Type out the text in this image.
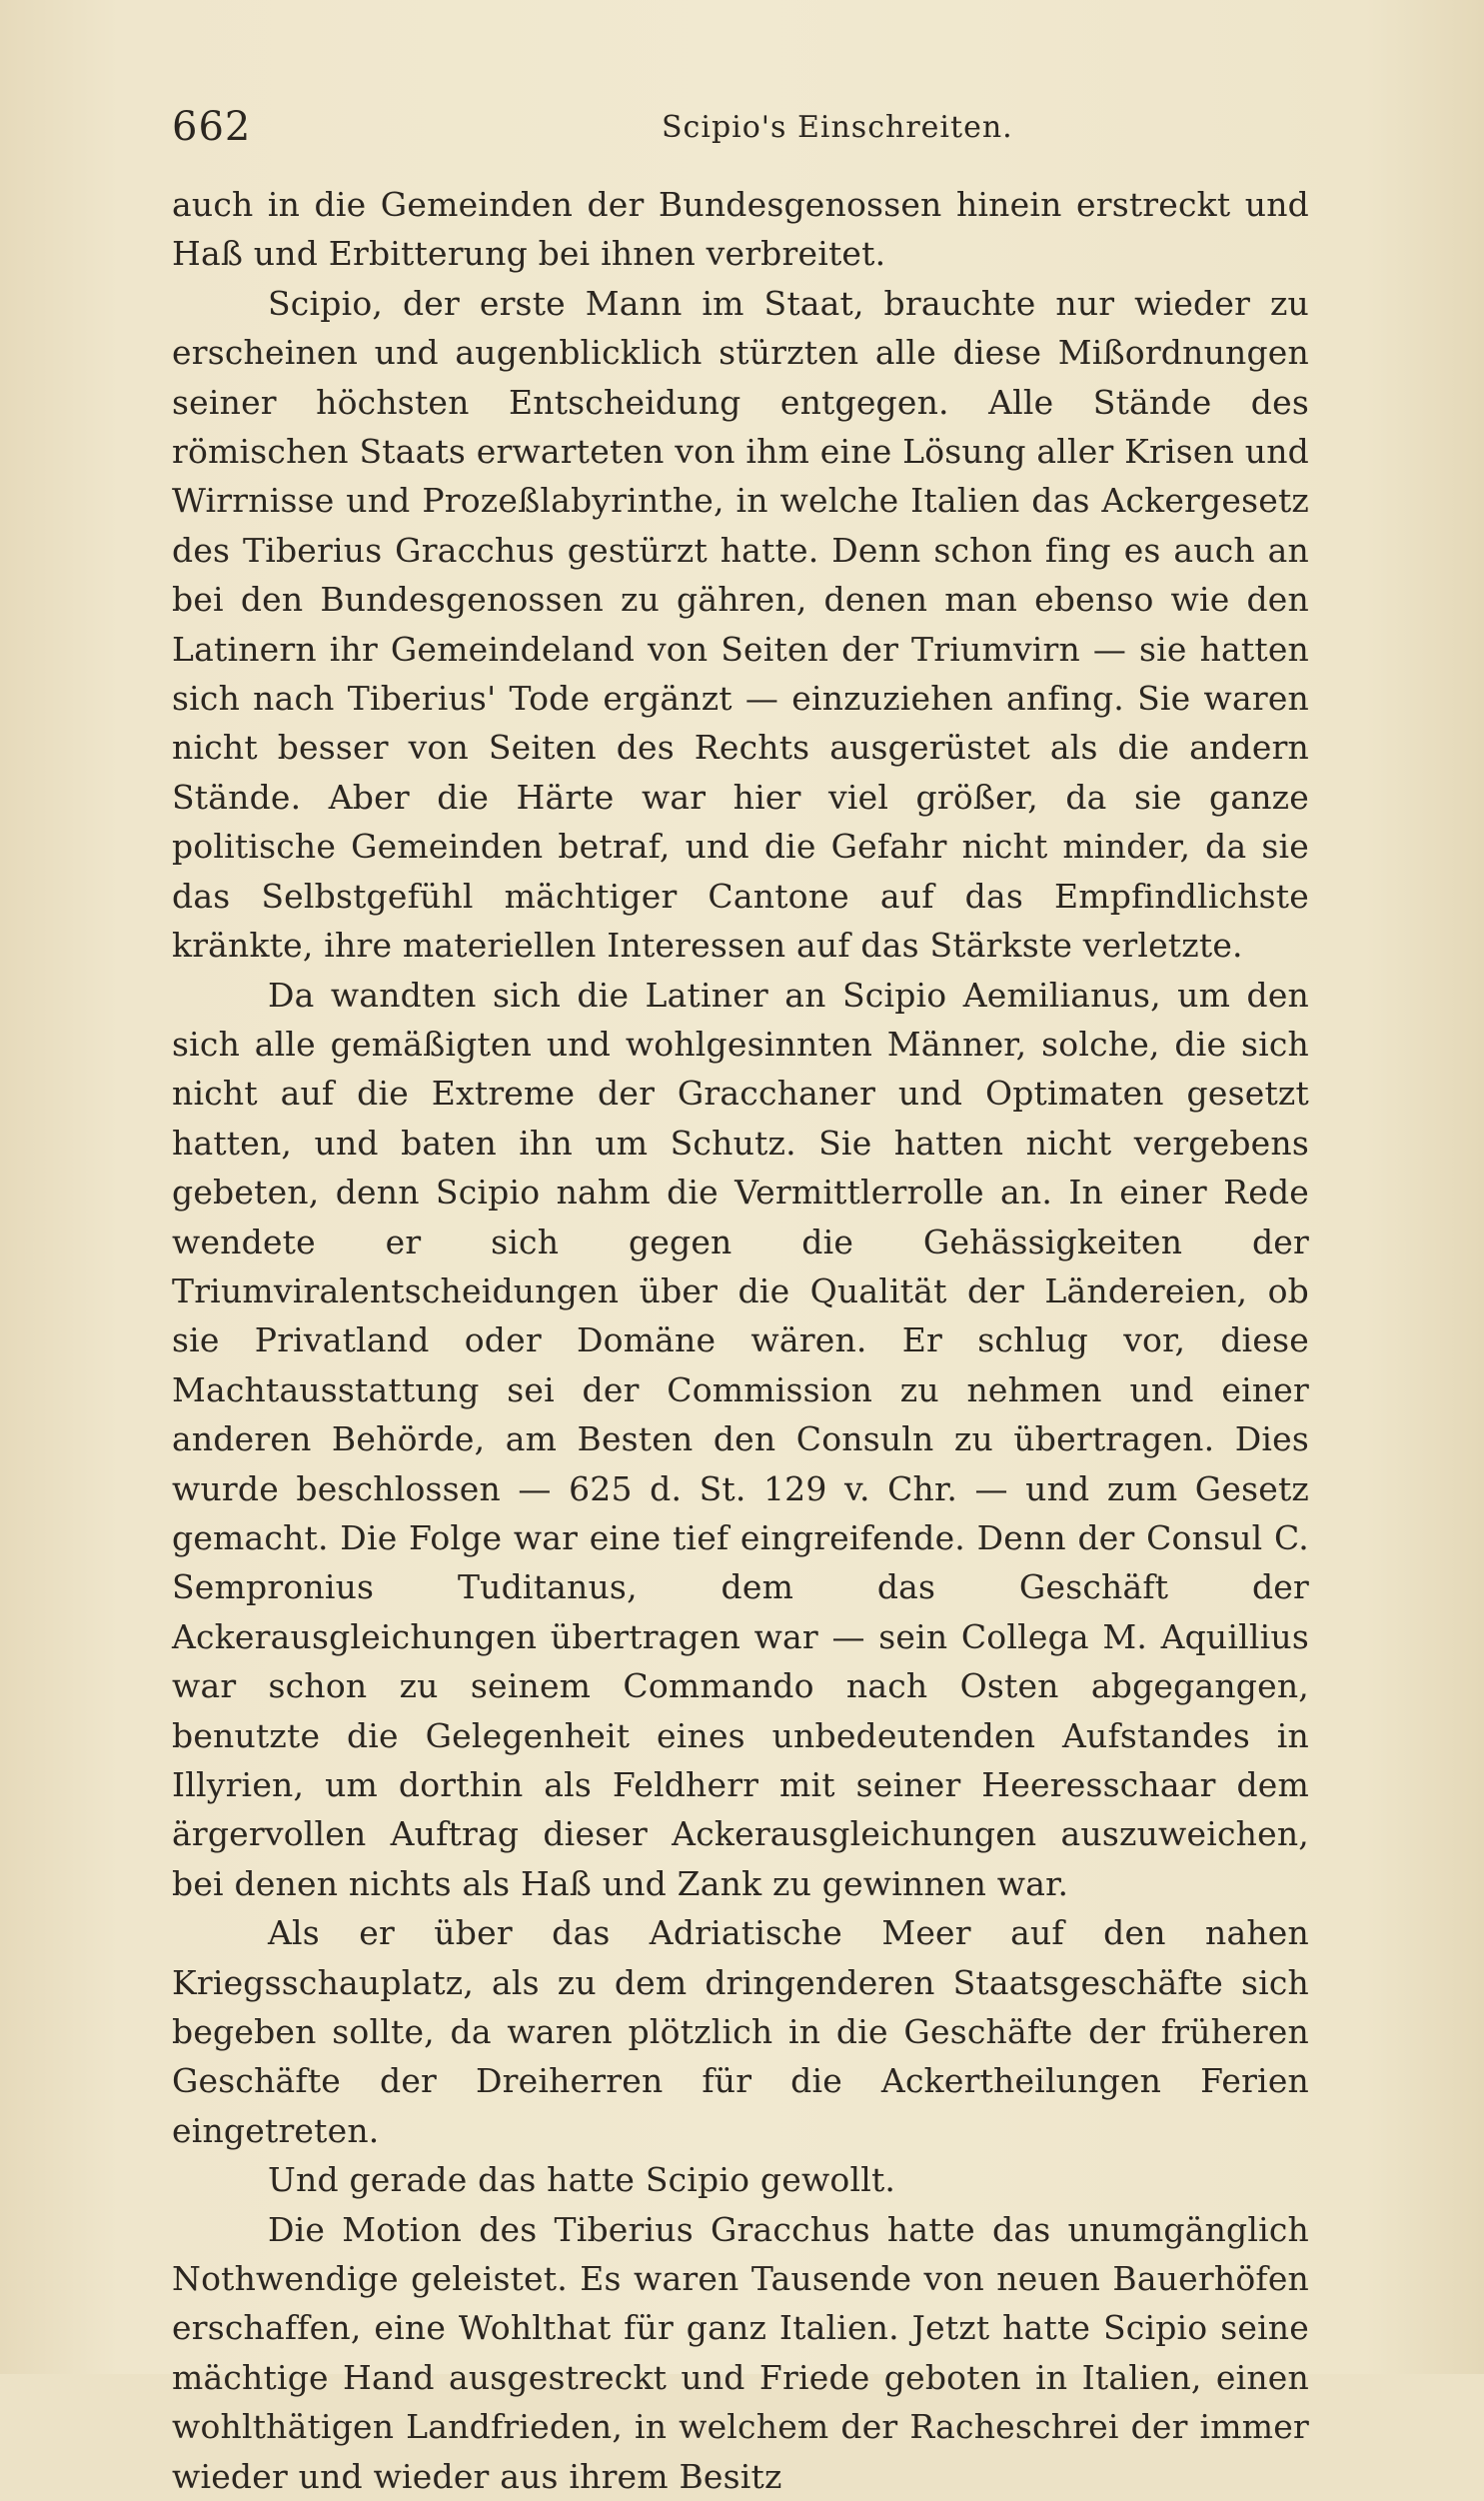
662	Scipio's Einschreiten.

auch in die Gemeinden der Bundesgenossen hinein erstreckt und Haß und Erbitterung bei ihnen verbreitet.

Scipio, der erste Mann im Staat, brauchte nur wieder zu erscheinen und augenblicklich stürzten alle diese Mißordnungen seiner höchsten Entscheidung entgegen. Alle Stände des römischen Staats erwarteten von ihm eine Lösung aller Krisen und Wirrnisse und Prozeßlabyrinthe, in welche Italien das Ackergesetz des Tiberius Gracchus gestürzt hatte. Denn schon fing es auch an bei den Bundesgenossen zu gähren, denen man ebenso wie den Latinern ihr Gemeindeland von Seiten der Triumvirn — sie hatten sich nach Tiberius' Tode ergänzt — einzuziehen anfing. Sie waren nicht besser von Seiten des Rechts ausgerüstet als die andern Stände. Aber die Härte war hier viel größer, da sie ganze politische Gemeinden betraf, und die Gefahr nicht minder, da sie das Selbstgefühl mächtiger Cantone auf das Empfindlichste kränkte, ihre materiellen Interessen auf das Stärkste verletzte.

Da wandten sich die Latiner an Scipio Aemilianus, um den sich alle gemäßigten und wohlgesinnten Männer, solche, die sich nicht auf die Extreme der Gracchaner und Optimaten gesetzt hatten, und baten ihn um Schutz. Sie hatten nicht vergebens gebeten, denn Scipio nahm die Vermittlerrolle an. In einer Rede wendete er sich gegen die Gehässigkeiten der Triumviralentscheidungen über die Qualität der Ländereien, ob sie Privatland oder Domäne wären. Er schlug vor, diese Machtausstattung sei der Commission zu nehmen und einer anderen Behörde, am Besten den Consuln zu übertragen. Dies wurde beschlossen — 625 d. St. 129 v. Chr. — und zum Gesetz gemacht. Die Folge war eine tief eingreifende. Denn der Consul C. Sempronius Tuditanus, dem das Geschäft der Ackerausgleichungen übertragen war — sein Collega M. Aquillius war schon zu seinem Commando nach Osten abgegangen, benutzte die Gelegenheit eines unbedeutenden Aufstandes in Illyrien, um dorthin als Feldherr mit seiner Heeresschaar dem ärgervollen Auftrag dieser Ackerausgleichungen auszuweichen, bei denen nichts als Haß und Zank zu gewinnen war.

Als er über das Adriatische Meer auf den nahen Kriegsschauplatz, als zu dem dringenderen Staatsgeschäfte sich begeben sollte, da waren plötzlich in die Geschäfte der früheren Geschäfte der Dreiherren für die Ackertheilungen Ferien eingetreten.

Und gerade das hatte Scipio gewollt.

Die Motion des Tiberius Gracchus hatte das unumgänglich Nothwendige geleistet. Es waren Tausende von neuen Bauerhöfen erschaffen, eine Wohlthat für ganz Italien. Jetzt hatte Scipio seine mächtige Hand ausgestreckt und Friede geboten in Italien, einen wohlthätigen Landfrieden, in welchem der Racheschrei der immer wieder und wieder aus ihrem Besitz
